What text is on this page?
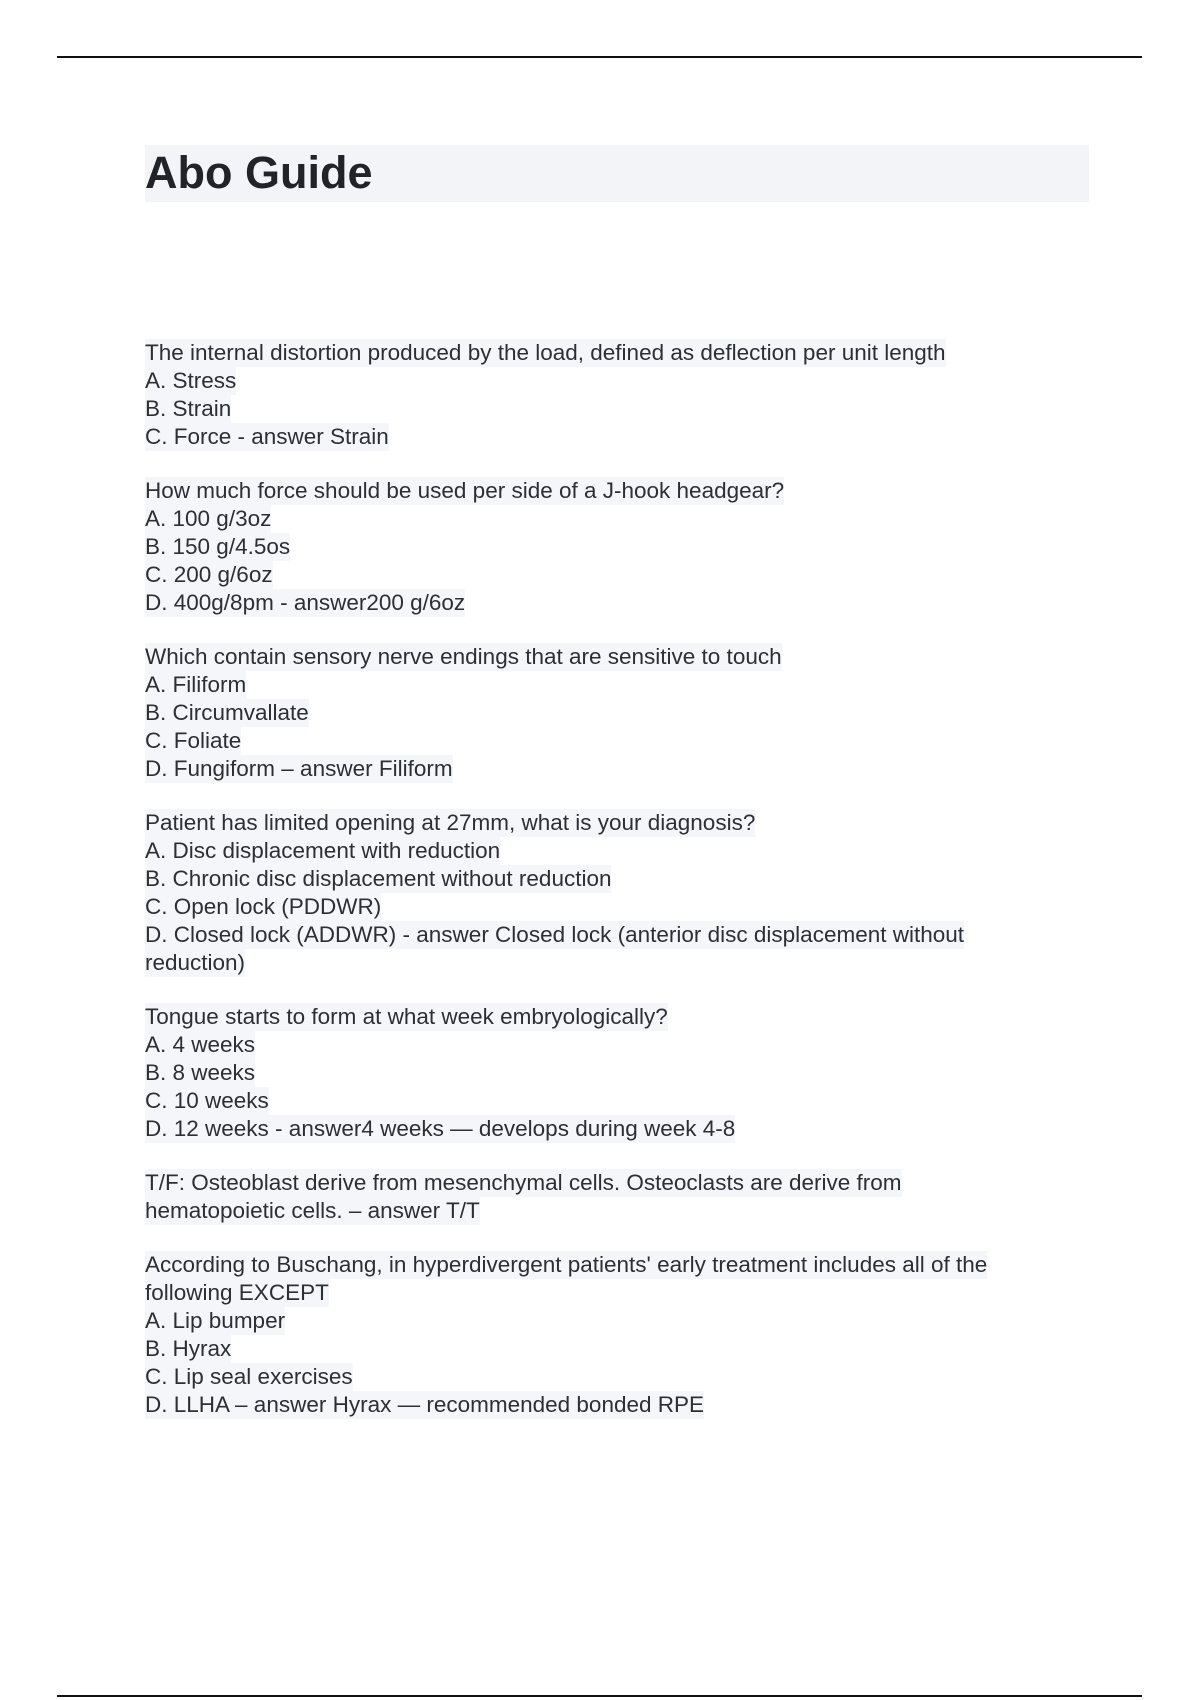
Abo Guide
The internal distortion produced by the load, defined as deflection per unit length
A. Stress
B. Strain
C. Force - answer Strain
How much force should be used per side of a J-hook headgear?
A. 100 g/3oz
B. 150 g/4.5os
C. 200 g/6oz
D. 400g/8pm - answer200 g/6oz
Which contain sensory nerve endings that are sensitive to touch
A. Filiform
B. Circumvallate
C. Foliate
D. Fungiform – answer Filiform
Patient has limited opening at 27mm, what is your diagnosis?
A. Disc displacement with reduction
B. Chronic disc displacement without reduction
C. Open lock (PDDWR)
D. Closed lock (ADDWR) - answer Closed lock (anterior disc displacement without
reduction)
Tongue starts to form at what week embryologically?
A. 4 weeks
B. 8 weeks
C. 10 weeks
D. 12 weeks - answer4 weeks — develops during week 4-8
T/F: Osteoblast derive from mesenchymal cells. Osteoclasts are derive from
hematopoietic cells. – answer T/T
According to Buschang, in hyperdivergent patients' early treatment includes all of the
following EXCEPT
A. Lip bumper
B. Hyrax
C. Lip seal exercises
D. LLHA – answer Hyrax — recommended bonded RPE
